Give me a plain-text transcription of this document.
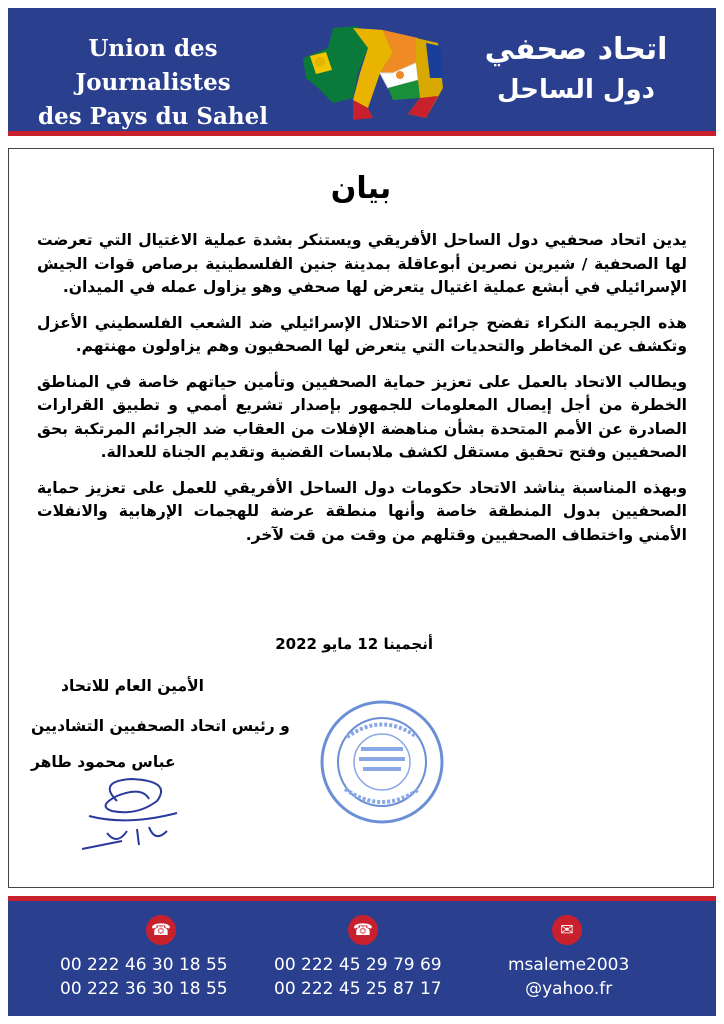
Union des Journalistes
des Pays du Sahel
اتحاد صحفي
دول الساحل
بيان

يدين اتحاد صحفيي دول الساحل الأفريقي ويستنكر بشدة عملية الاغتيال التي تعرضت لها الصحفية / شيرين نصرين أبوعاقلة بمدينة جنين الفلسطينية برصاص قوات الجيش الإسرائيلي في أبشع عملية اغتيال يتعرض لها صحفي وهو يزاول عمله في الميدان.

هذه الجريمة النكراء تفضح جرائم الاحتلال الإسرائيلي ضد الشعب الفلسطيني الأعزل وتكشف عن المخاطر والتحديات التي يتعرض لها الصحفيون وهم يزاولون مهنتهم.

ويطالب الاتحاد بالعمل على تعزيز حماية الصحفيين وتأمين حياتهم خاصة في المناطق الخطرة من أجل إيصال المعلومات للجمهور بإصدار تشريع أممي و تطبيق القرارات الصادرة عن الأمم المتحدة بشأن مناهضة الإفلات من العقاب ضد الجرائم المرتكبة بحق الصحفيين وفتح تحقيق مستقل لكشف ملابسات القضية وتقديم الجناة للعدالة.

وبهذه المناسبة يناشد الاتحاد حكومات دول الساحل الأفريقي للعمل على تعزيز حماية الصحفيين بدول المنطقة خاصة وأنها منطقة عرضة للهجمات الإرهابية والانفلات الأمني واختطاف الصحفيين وقتلهم من وقت من قت لآخر.

أنجمينا 12 مايو 2022
الأمين العام للاتحاد
و رئيس اتحاد الصحفيين التشاديين
عباس محمود طاهر
☎	☎	✉
00 222 46 30 18 55
00 222 36 30 18 55
00 222 45 29 79 69
00 222 45 25 87 17
msaleme2003
@yahoo.fr
